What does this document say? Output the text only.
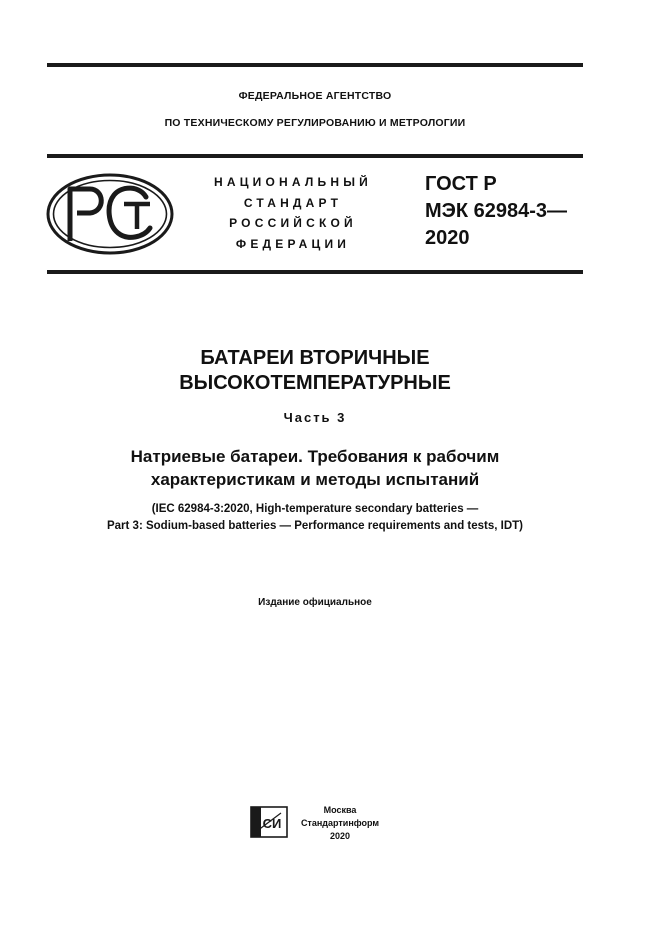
ФЕДЕРАЛЬНОЕ АГЕНТСТВО
ПО ТЕХНИЧЕСКОМУ РЕГУЛИРОВАНИЮ И МЕТРОЛОГИИ
НАЦИОНАЛЬНЫЙ
СТАНДАРТ
РОССИЙСКОЙ
ФЕДЕРАЦИИ
ГОСТ Р
МЭК 62984-3—
2020
БАТАРЕИ ВТОРИЧНЫЕ
ВЫСОКОТЕМПЕРАТУРНЫЕ
Часть 3
Натриевые батареи. Требования к рабочим
характеристикам и методы испытаний
(IEC 62984-3:2020, High-temperature secondary batteries —
Part 3: Sodium-based batteries — Performance requirements and tests, IDT)
Издание официальное
СИ
Москва
Стандартинформ
2020
